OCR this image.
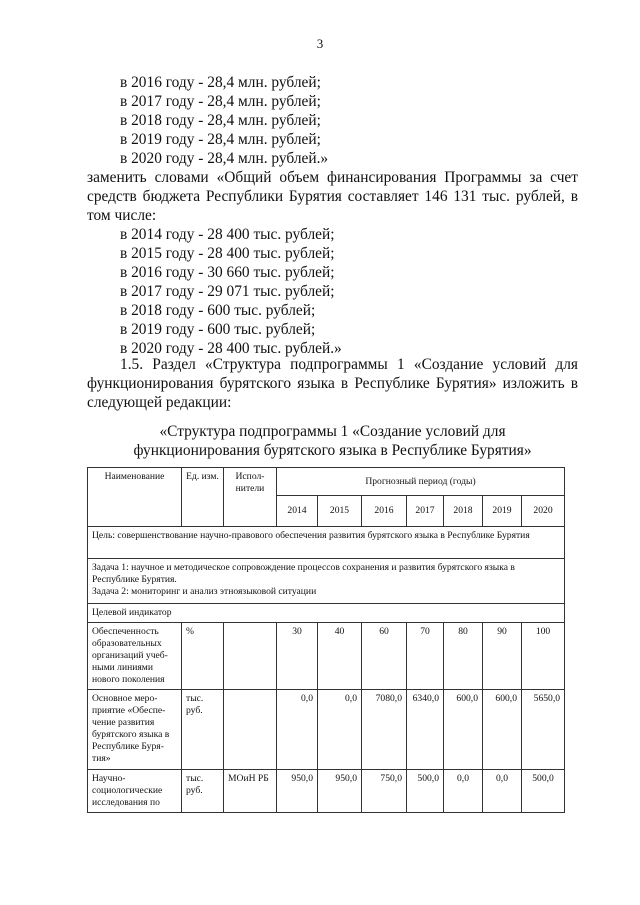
3
в 2016 году - 28,4 млн. рублей;
в 2017 году - 28,4 млн. рублей;
в 2018 году - 28,4 млн. рублей;
в 2019 году - 28,4 млн. рублей;
в 2020 году - 28,4 млн. рублей.»
заменить словами «Общий объем финансирования Программы за счет средств бюджета Республики Бурятия составляет 146 131 тыс. рублей, в том числе:
в 2014 году - 28 400 тыс. рублей;
в 2015 году - 28 400 тыс. рублей;
в 2016 году - 30 660 тыс. рублей;
в 2017 году - 29 071 тыс. рублей;
в 2018 году - 600 тыс. рублей;
в 2019 году - 600 тыс. рублей;
в 2020 году - 28 400 тыс. рублей.»
1.5. Раздел «Структура подпрограммы 1 «Создание условий для функционирования бурятского языка в Республике Бурятия» изложить в следующей редакции:
«Структура подпрограммы 1 «Создание условий для
функционирования бурятского языка в Республике Бурятия»
Наименование	Ед. изм.	Испол-нители	Прогнозный период (годы)						
			2014	2015	2016	2017	2018	2019	2020
Цель: совершенствование научно-правового обеспечения развития бурятского языка в Республике Бурятия									

Задача 1: научное и методическое сопровождение процессов сохранения и развития бурятского языка в Республике Бурятия.
Задача 2: мониторинг и анализ этноязыковой ситуации									

Целевой индикатор									
Обеспеченность образовательных организаций учеб-ными линиями нового поколения	%		30	40	60	70	80	90	100
Основное меро-приятие «Обеспе-чение развития бурятского языка в Республике Буря-тия»	тыс. руб.		0,0	0,0	7080,0	6340,0	600,0	600,0	5650,0
Научно-социологические исследования по	тыс. руб.	МОиН РБ	950,0	950,0	750,0	500,0	0,0	0,0	500,0
